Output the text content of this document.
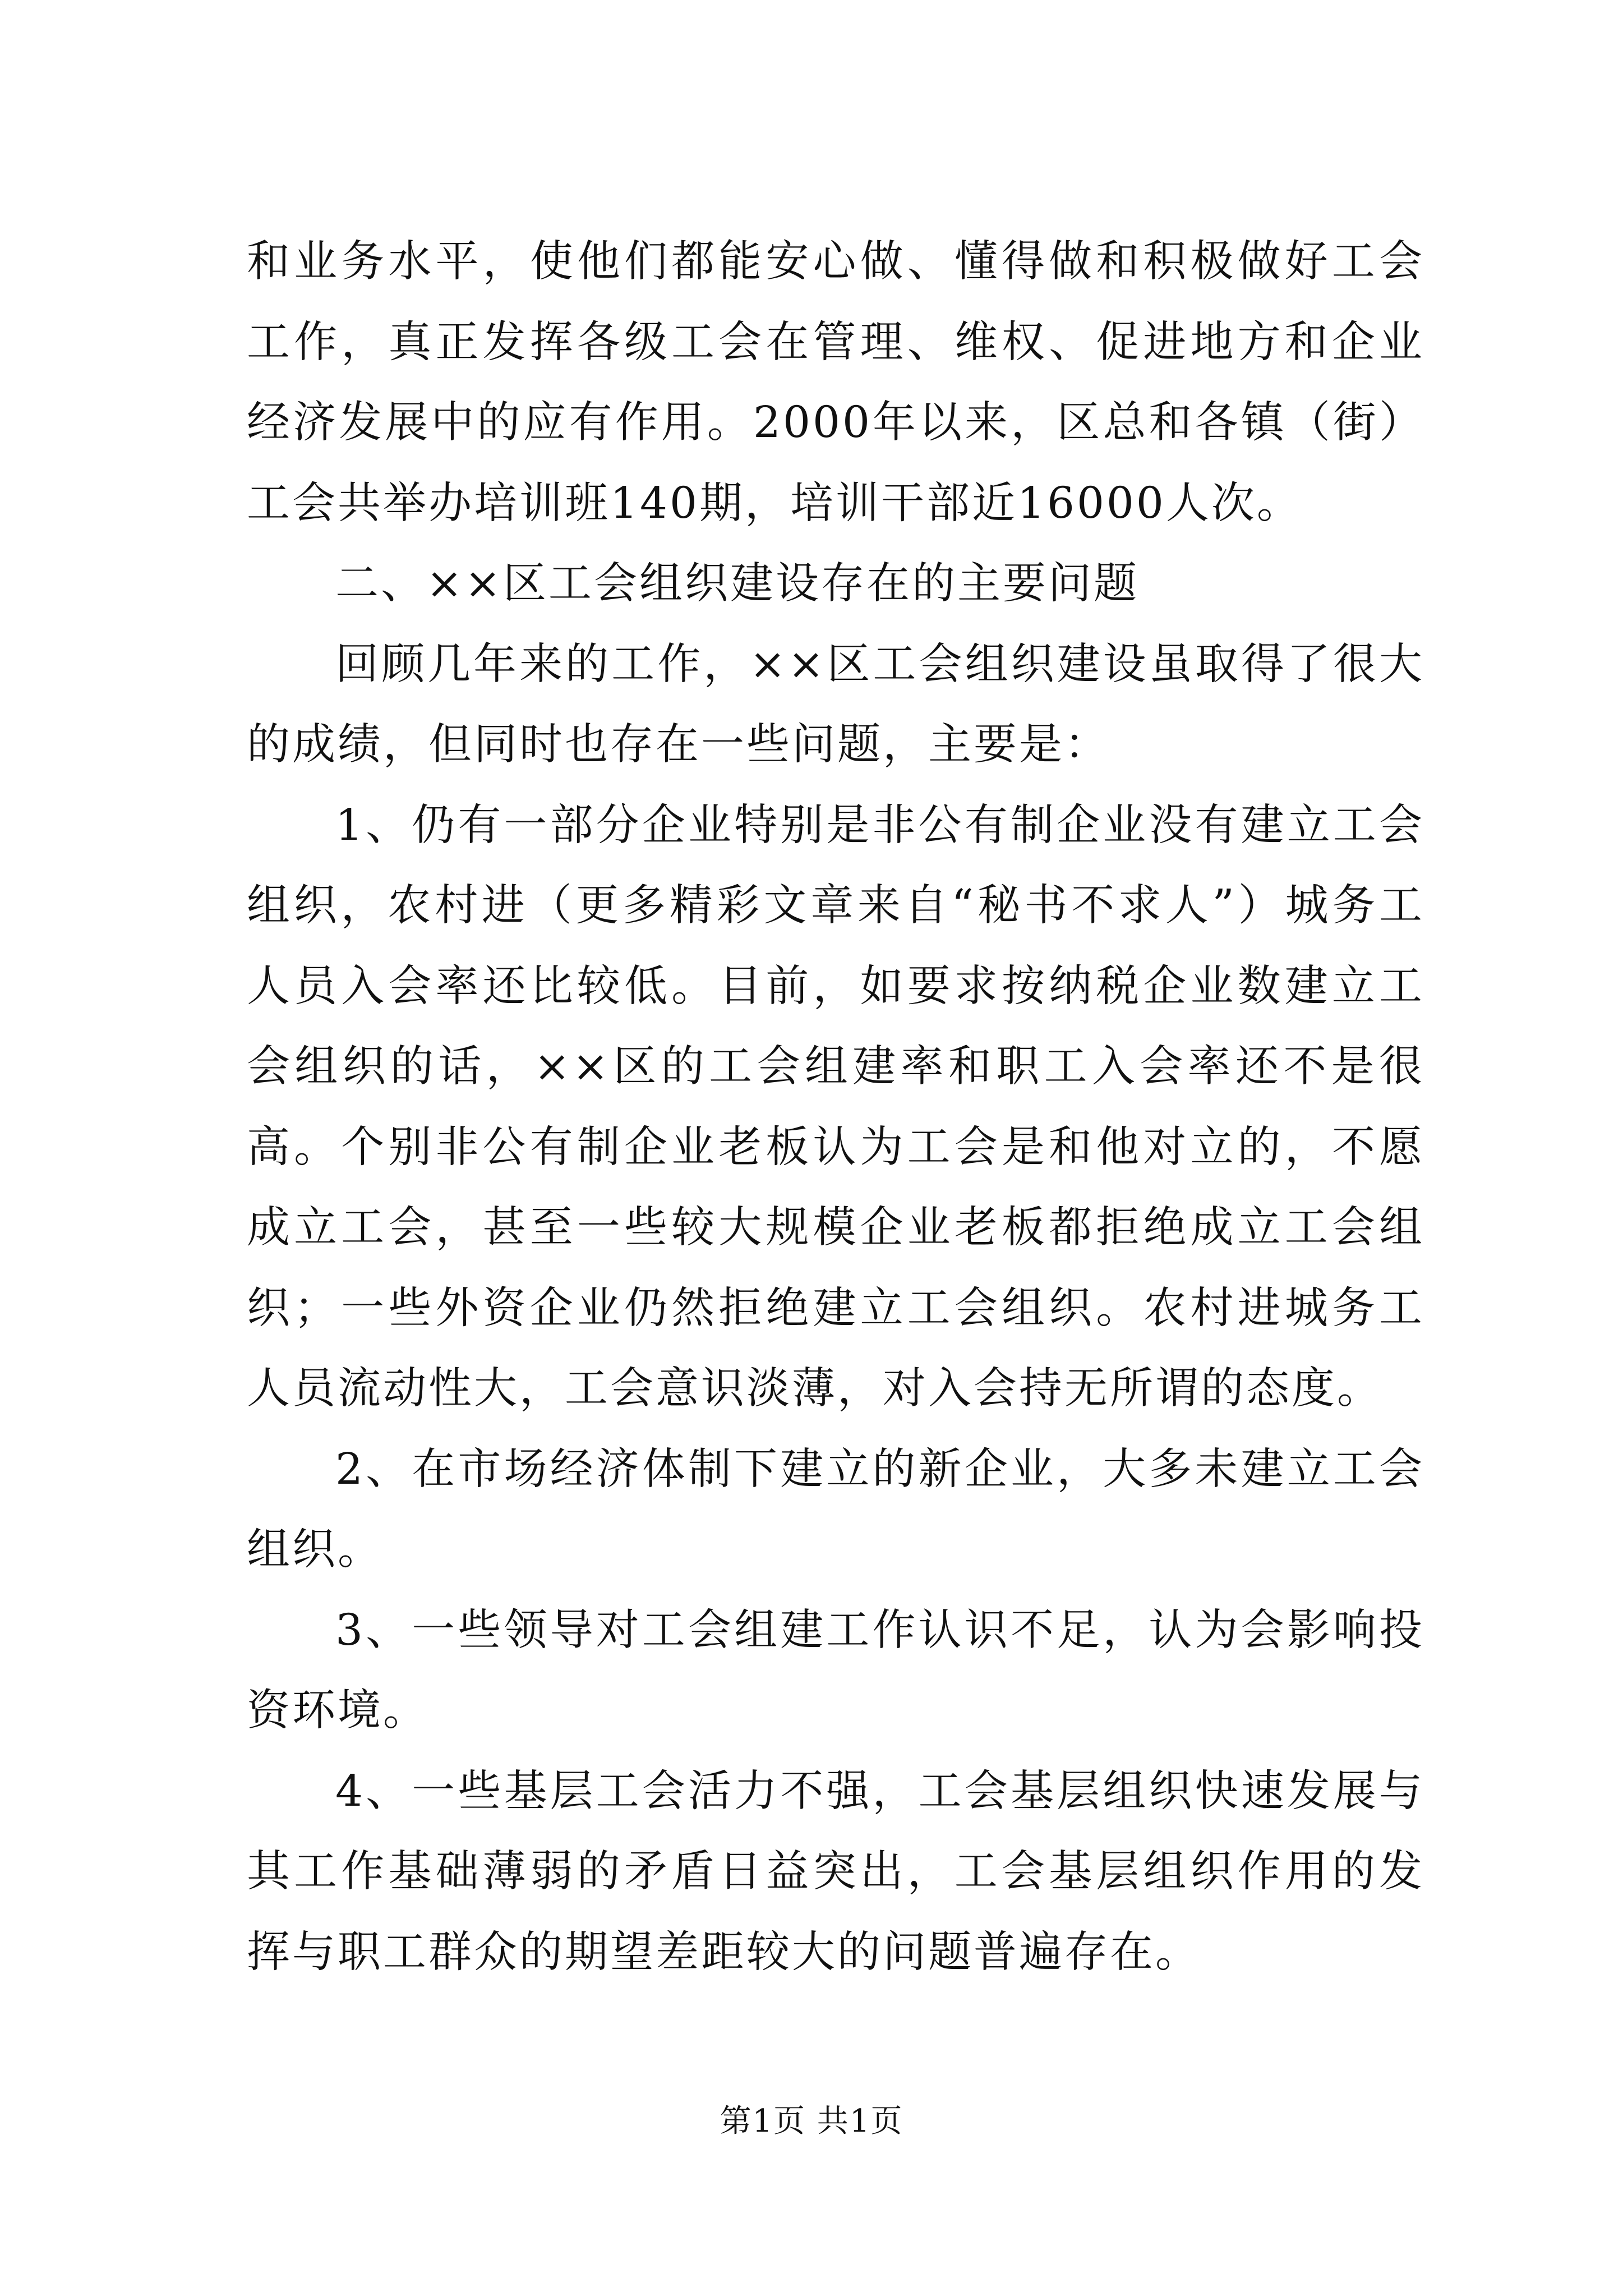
和业务水平，使他们都能安心做、懂得做和积极做好工会工作，真正发挥各级工会在管理、维权、促进地方和企业经济发展中的应有作用。2000年以来，区总和各镇（街）工会共举办培训班140期，培训干部近16000人次。

二、××区工会组织建设存在的主要问题

回顾几年来的工作，××区工会组织建设虽取得了很大的成绩，但同时也存在一些问题，主要是：

1、仍有一部分企业特别是非公有制企业没有建立工会组织，农村进（更多精彩文章来自“秘书不求人”）城务工人员入会率还比较低。目前，如要求按纳税企业数建立工会组织的话，××区的工会组建率和职工入会率还不是很高。个别非公有制企业老板认为工会是和他对立的，不愿成立工会，甚至一些较大规模企业老板都拒绝成立工会组织；一些外资企业仍然拒绝建立工会组织。农村进城务工人员流动性大，工会意识淡薄，对入会持无所谓的态度。

2、在市场经济体制下建立的新企业，大多未建立工会组织。

3、一些领导对工会组建工作认识不足，认为会影响投资环境。

4、一些基层工会活力不强，工会基层组织快速发展与其工作基础薄弱的矛盾日益突出，工会基层组织作用的发挥与职工群众的期望差距较大的问题普遍存在。

第1页 共1页
